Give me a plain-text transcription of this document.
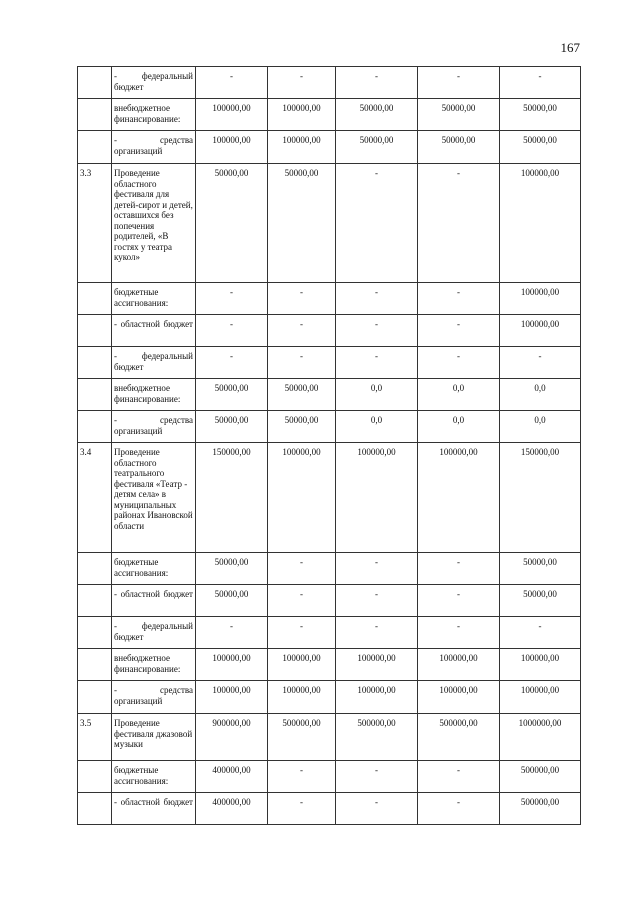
167
	- федеральный бюджет	-	-	-	-	-
	внебюджетное финансирование:	100000,00	100000,00	50000,00	50000,00	50000,00
	- средства организаций	100000,00	100000,00	50000,00	50000,00	50000,00
3.3	Проведение областного фестиваля для детей-сирот и детей, оставшихся без попечения родителей, «В гостях у театра кукол»	50000,00	50000,00	-	-	100000,00
	бюджетные ассигнования:	-	-	-	-	100000,00
	- областной бюджет	-	-	-	-	100000,00
	- федеральный бюджет	-	-	-	-	-
	внебюджетное финансирование:	50000,00	50000,00	0,0	0,0	0,0
	- средства организаций	50000,00	50000,00	0,0	0,0	0,0
3.4	Проведение областного театрального фестиваля «Театр - детям села» в муниципальных районах Ивановской области	150000,00	100000,00	100000,00	100000,00	150000,00
	бюджетные ассигнования:	50000,00	-	-	-	50000,00
	- областной бюджет	50000,00	-	-	-	50000,00
	- федеральный бюджет	-	-	-	-	-
	внебюджетное финансирование:	100000,00	100000,00	100000,00	100000,00	100000,00
	- средства организаций	100000,00	100000,00	100000,00	100000,00	100000,00
3.5	Проведение фестиваля джазовой музыки	900000,00	500000,00	500000,00	500000,00	1000000,00
	бюджетные ассигнования:	400000,00	-	-	-	500000,00
	- областной бюджет	400000,00	-	-	-	500000,00
